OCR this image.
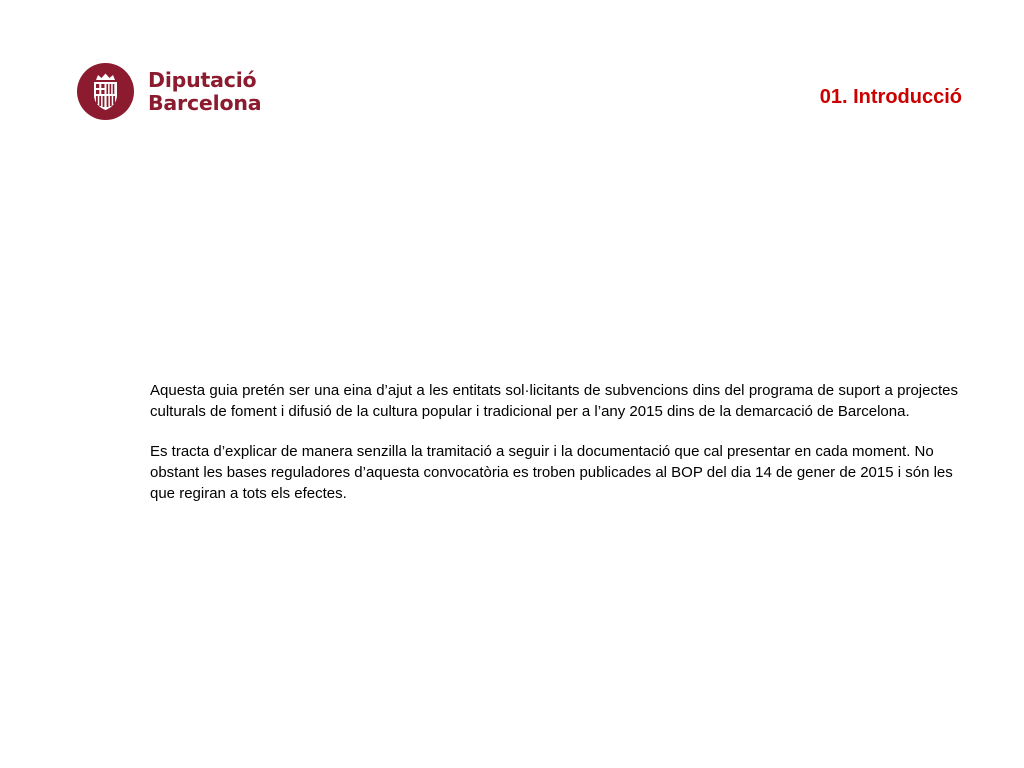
Diputació
Barcelona	01. Introducció

Aquesta guia pretén ser una eina d’ajut a les entitats sol·licitants de subvencions dins del programa de suport a projectes culturals de foment i difusió de la cultura popular i tradicional per a l’any 2015 dins de la demarcació de Barcelona.

Es tracta d’explicar de manera senzilla la tramitació a seguir i la documentació que cal presentar en cada moment. No obstant les bases reguladores d’aquesta convocatòria es troben publicades al BOP del dia 14 de gener de 2015 i són les que regiran a tots els efectes.
